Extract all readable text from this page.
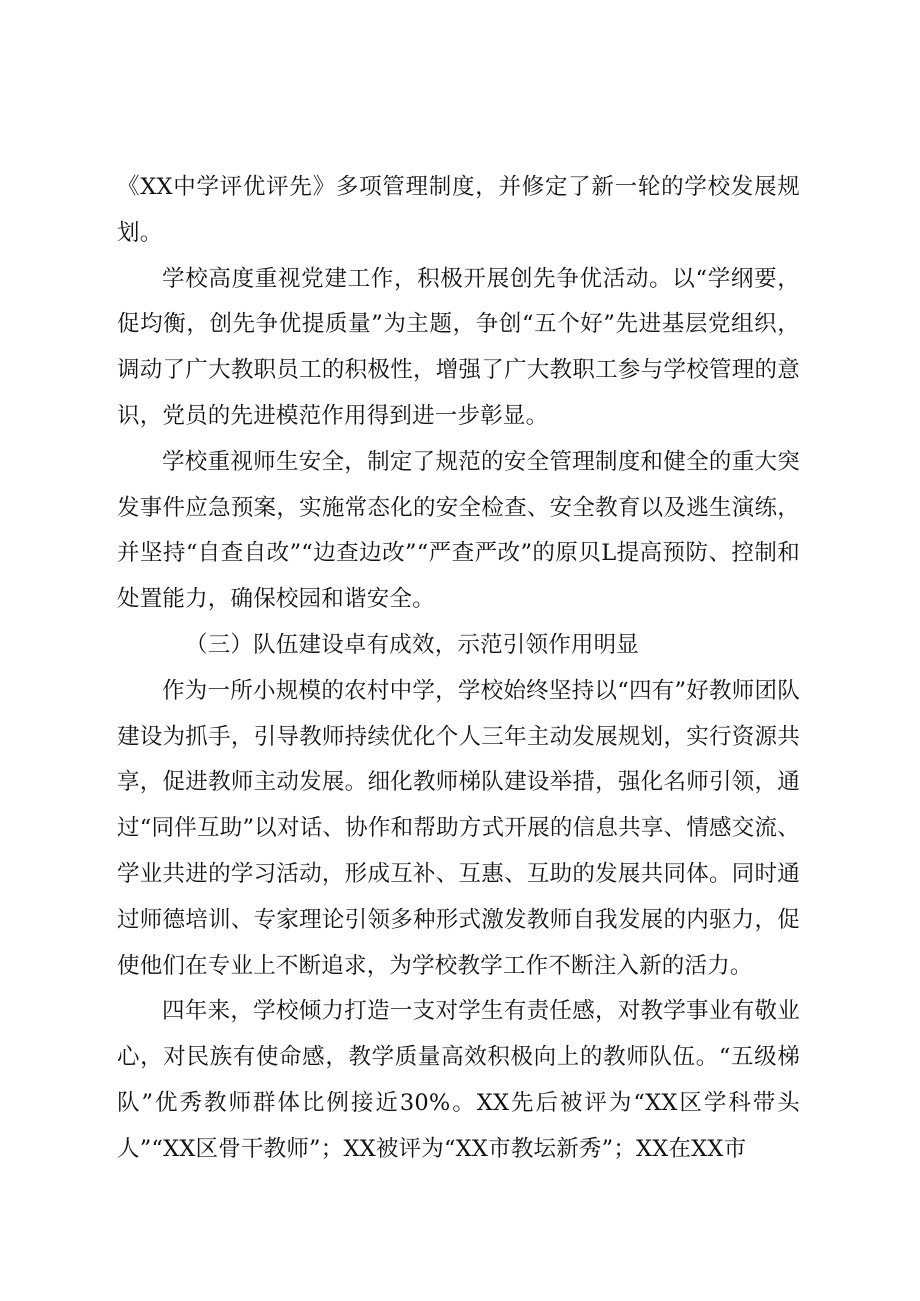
《XX中学评优评先》多项管理制度，并修定了新一轮的学校发展规划。

学校高度重视党建工作，积极开展创先争优活动。以“学纲要，促均衡，创先争优提质量”为主题，争创“五个好”先进基层党组织，调动了广大教职员工的积极性，增强了广大教职工参与学校管理的意识，党员的先进模范作用得到进一步彰显。

学校重视师生安全，制定了规范的安全管理制度和健全的重大突发事件应急预案，实施常态化的安全检查、安全教育以及逃生演练，并坚持“自查自改”“边查边改”“严查严改”的原贝L提高预防、控制和处置能力，确保校园和谐安全。

（三）队伍建设卓有成效，示范引领作用明显

作为一所小规模的农村中学，学校始终坚持以“四有”好教师团队建设为抓手，引导教师持续优化个人三年主动发展规划，实行资源共享，促进教师主动发展。细化教师梯队建设举措，强化名师引领，通过“同伴互助”以对话、协作和帮助方式开展的信息共享、情感交流、学业共进的学习活动，形成互补、互惠、互助的发展共同体。同时通过师德培训、专家理论引领多种形式激发教师自我发展的内驱力，促使他们在专业上不断追求，为学校教学工作不断注入新的活力。

四年来，学校倾力打造一支对学生有责任感，对教学事业有敬业心，对民族有使命感，教学质量高效积极向上的教师队伍。“五级梯队”优秀教师群体比例接近30%。XX先后被评为“XX区学科带头人”“XX区骨干教师”；XX被评为“XX市教坛新秀”；XX在XX市
